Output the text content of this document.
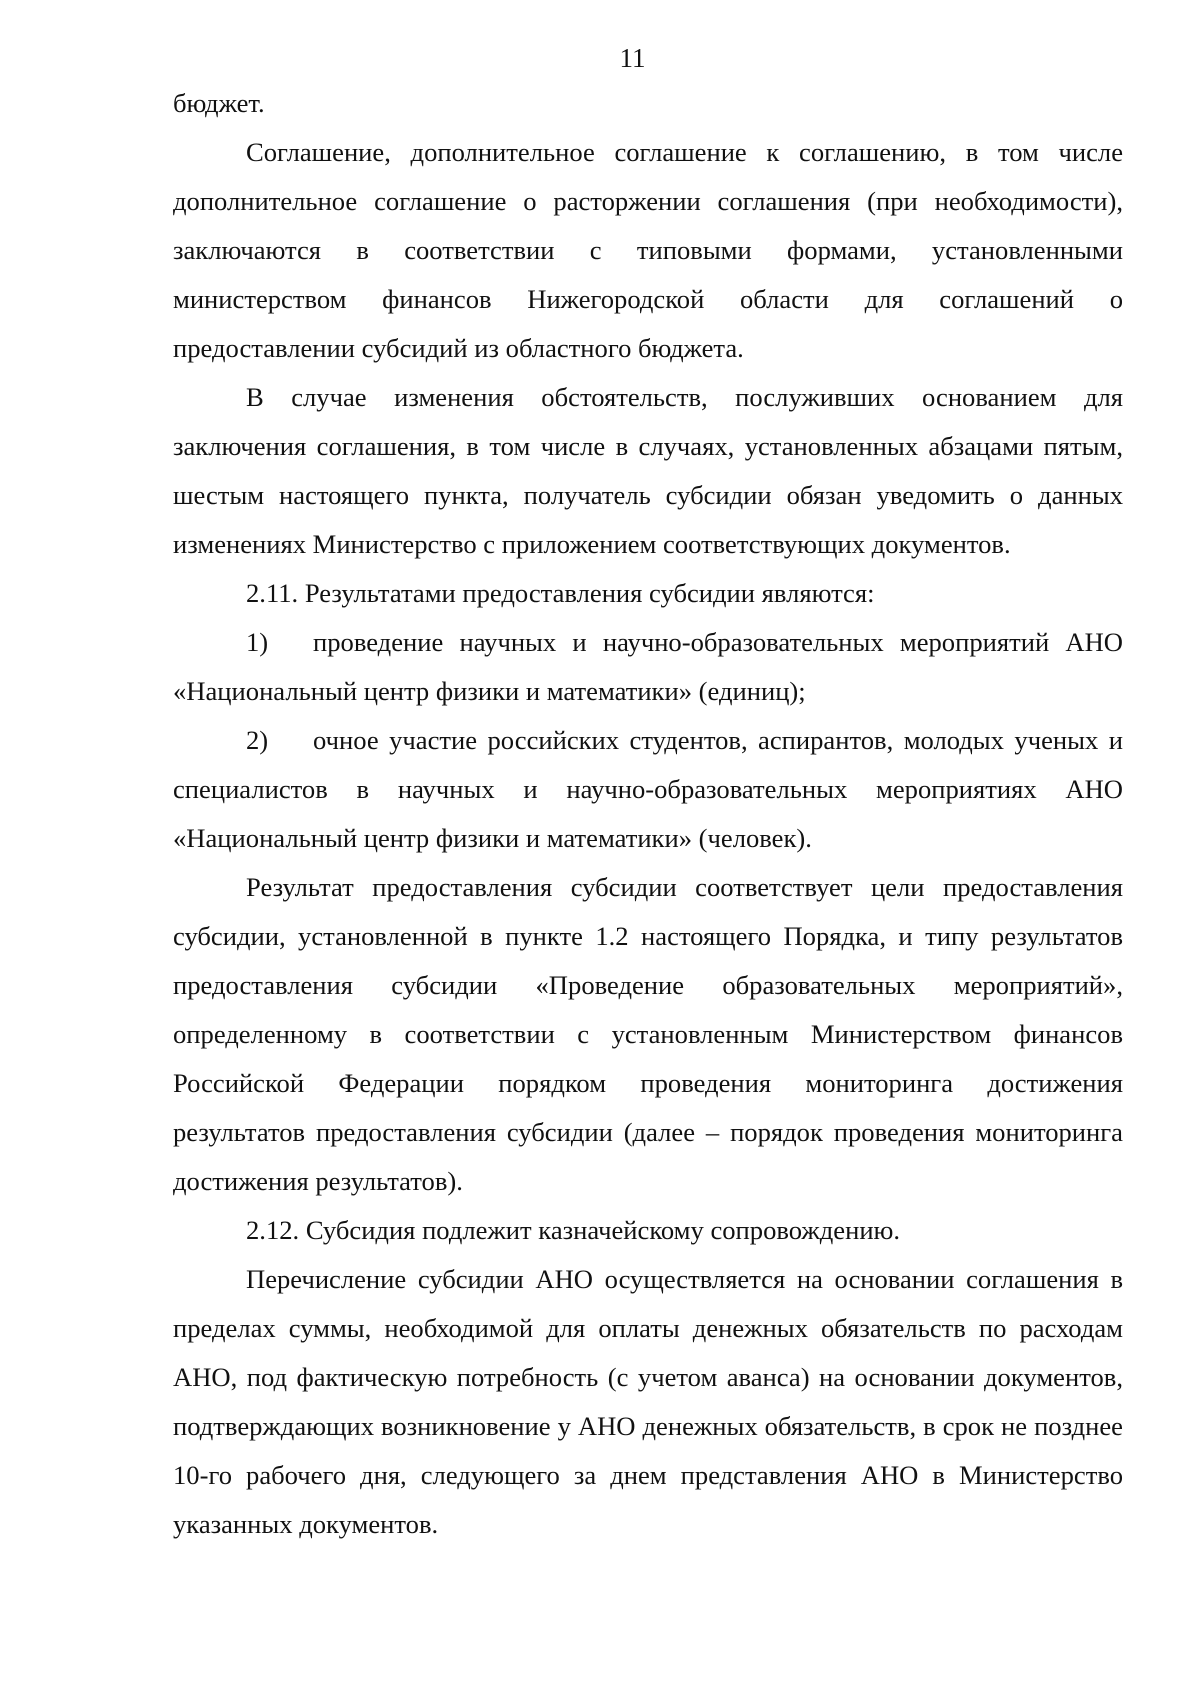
11

бюджет.

Соглашение, дополнительное соглашение к соглашению, в том числе дополнительное соглашение о расторжении соглашения (при необходимости), заключаются в соответствии с типовыми формами, установленными министерством финансов Нижегородской области для соглашений о предоставлении субсидий из областного бюджета.

В случае изменения обстоятельств, послуживших основанием для заключения соглашения, в том числе в случаях, установленных абзацами пятым, шестым настоящего пункта, получатель субсидии обязан уведомить о данных изменениях Министерство с приложением соответствующих документов.

2.11. Результатами предоставления субсидии являются:

1) проведение научных и научно-образовательных мероприятий АНО «Национальный центр физики и математики» (единиц);

2) очное участие российских студентов, аспирантов, молодых ученых и специалистов в научных и научно-образовательных мероприятиях АНО «Национальный центр физики и математики» (человек).

Результат предоставления субсидии соответствует цели предоставления субсидии, установленной в пункте 1.2 настоящего Порядка, и типу результатов предоставления субсидии «Проведение образовательных мероприятий», определенному в соответствии с установленным Министерством финансов Российской Федерации порядком проведения мониторинга достижения результатов предоставления субсидии (далее – порядок проведения мониторинга достижения результатов).

2.12. Субсидия подлежит казначейскому сопровождению.

Перечисление субсидии АНО осуществляется на основании соглашения в пределах суммы, необходимой для оплаты денежных обязательств по расходам АНО, под фактическую потребность (с учетом аванса) на основании документов, подтверждающих возникновение у АНО денежных обязательств, в срок не позднее 10-го рабочего дня, следующего за днем представления АНО в Министерство указанных документов.
